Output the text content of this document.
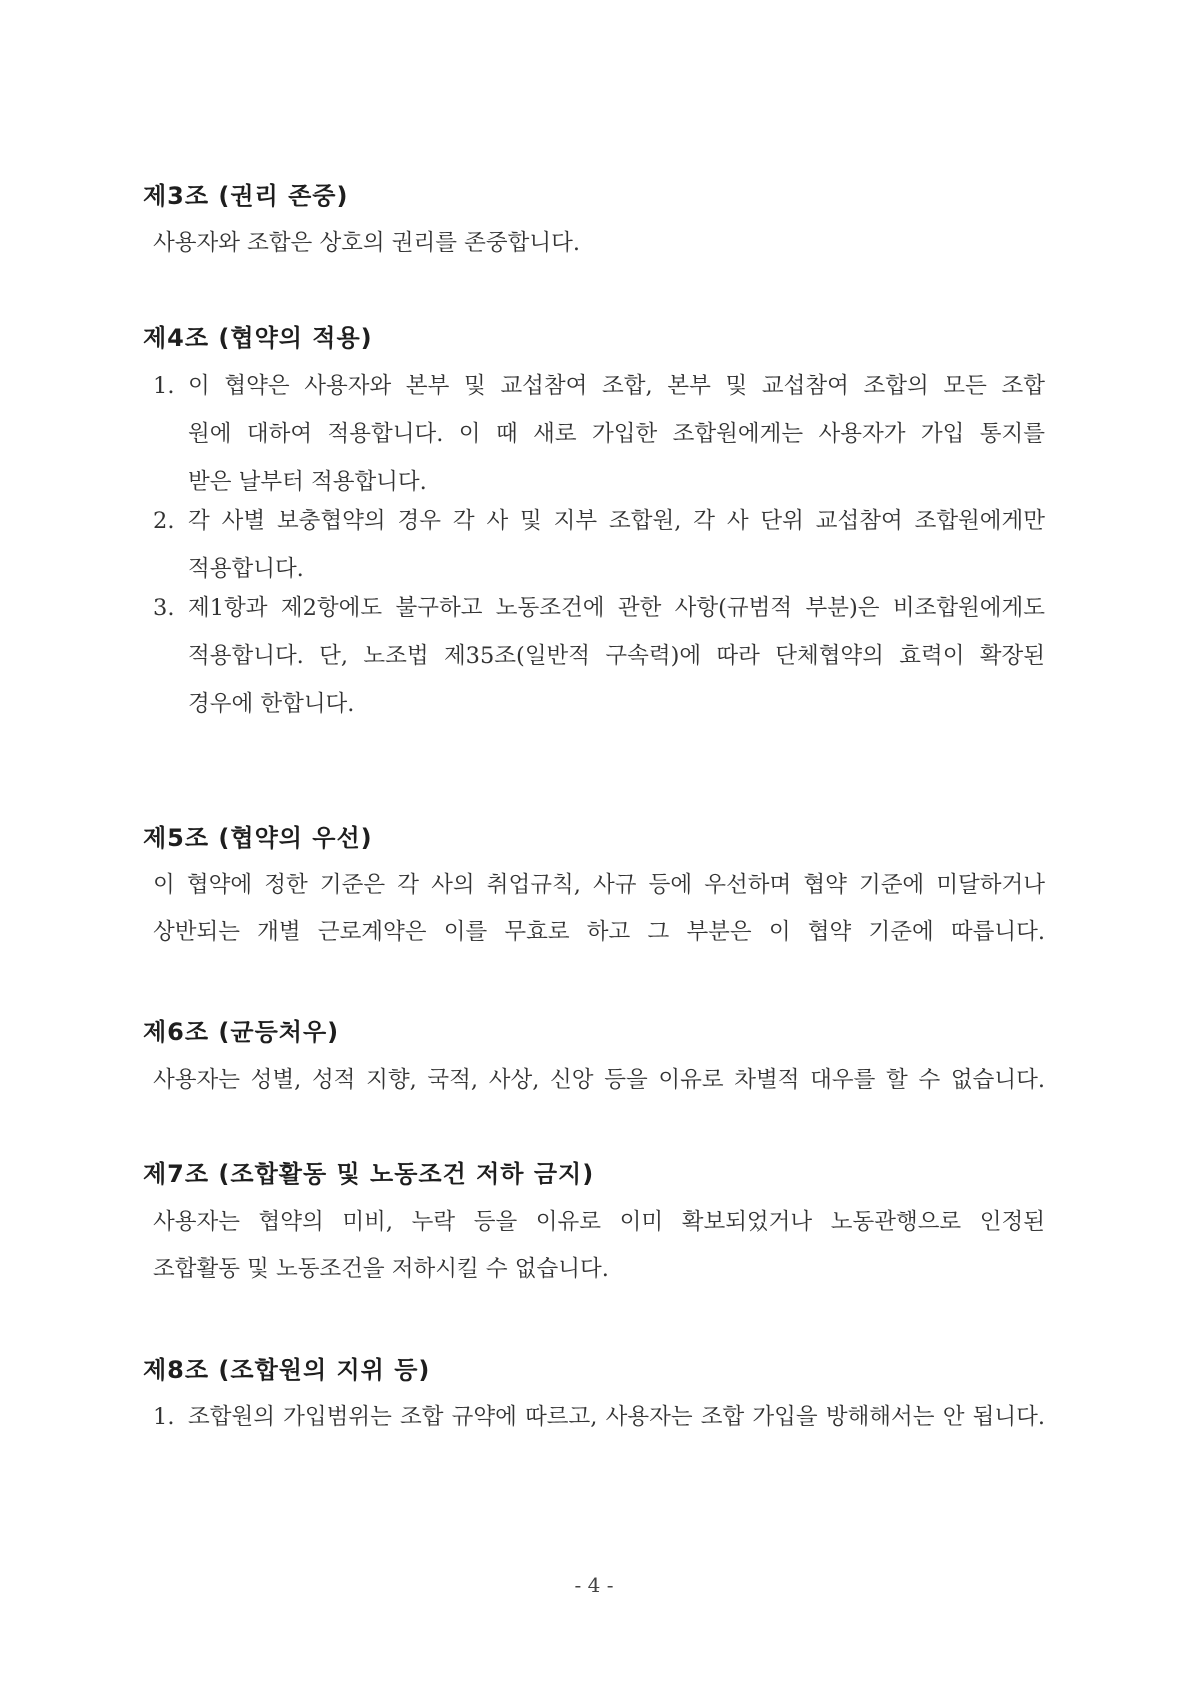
제3조 (권리 존중)
사용자와 조합은 상호의 권리를 존중합니다.
제4조 (협약의 적용)
1. 이 협약은 사용자와 본부 및 교섭참여 조합, 본부 및 교섭참여 조합의 모든 조합
원에 대하여 적용합니다. 이 때 새로 가입한 조합원에게는 사용자가 가입 통지를
받은 날부터 적용합니다.
2. 각 사별 보충협약의 경우 각 사 및 지부 조합원, 각 사 단위 교섭참여 조합원에게만
적용합니다.
3. 제1항과 제2항에도 불구하고 노동조건에 관한 사항(규범적 부분)은 비조합원에게도
적용합니다. 단, 노조법 제35조(일반적 구속력)에 따라 단체협약의 효력이 확장된
경우에 한합니다.
제5조 (협약의 우선)
이 협약에 정한 기준은 각 사의 취업규칙, 사규 등에 우선하며 협약 기준에 미달하거나
상반되는 개별 근로계약은 이를 무효로 하고 그 부분은 이 협약 기준에 따릅니다.
제6조 (균등처우)
사용자는 성별, 성적 지향, 국적, 사상, 신앙 등을 이유로 차별적 대우를 할 수 없습니다.
제7조 (조합활동 및 노동조건 저하 금지)
사용자는 협약의 미비, 누락 등을 이유로 이미 확보되었거나 노동관행으로 인정된
조합활동 및 노동조건을 저하시킬 수 없습니다.
제8조 (조합원의 지위 등)
1. 조합원의 가입범위는 조합 규약에 따르고, 사용자는 조합 가입을 방해해서는 안 됩니다.
- 4 -
